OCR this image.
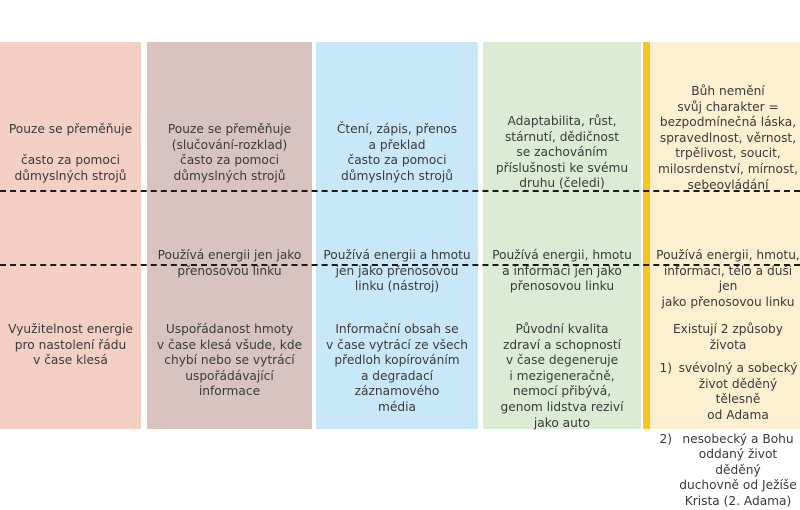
Pouze se přeměňuje

často za pomoci
důmyslných strojů
Využitelnost energie
pro nastolení řádu
v čase klesá
Pouze se přeměňuje
(slučování-rozklad)
často za pomoci
důmyslných strojů
Používá energii jen jako
přenosovou linku
Uspořádanost hmoty
v čase klesá všude, kde
chybí nebo se vytrácí
uspořádávající
informace
Čtení, zápis, přenos
a překlad
často za pomoci
důmyslných strojů
Používá energii a hmotu
jen jako přenosovou
linku (nástroj)
Informační obsah se
v čase vytrácí ze všech
předloh kopírováním
a degradací
záznamového
média
Adaptabilita, růst,
stárnutí, dědičnost
se zachováním
příslušnosti ke svému
druhu (čeledi)
Používá energii, hmotu
a informaci jen jako
přenosovou linku
Původní kvalita
zdraví a schopností
v čase degeneruje
i mezigeneračně,
nemocí přibývá,
genom lidstva reziví
jako auto
Bůh nemění
svůj charakter =
bezpodmínečná láska,
spravedlnost, věrnost,
trpělivost, soucit,
milosrdenství, mírnost,
sebeovládání
Používá energii, hmotu,
informaci, tělo a duši jen
jako přenosovou linku
Existují 2 způsoby života
1) svévolný a sobecký
život děděný tělesně
od Adama
2) nesobecký a Bohu
oddaný život děděný
duchovně od Ježíše
Krista (2. Adama)
